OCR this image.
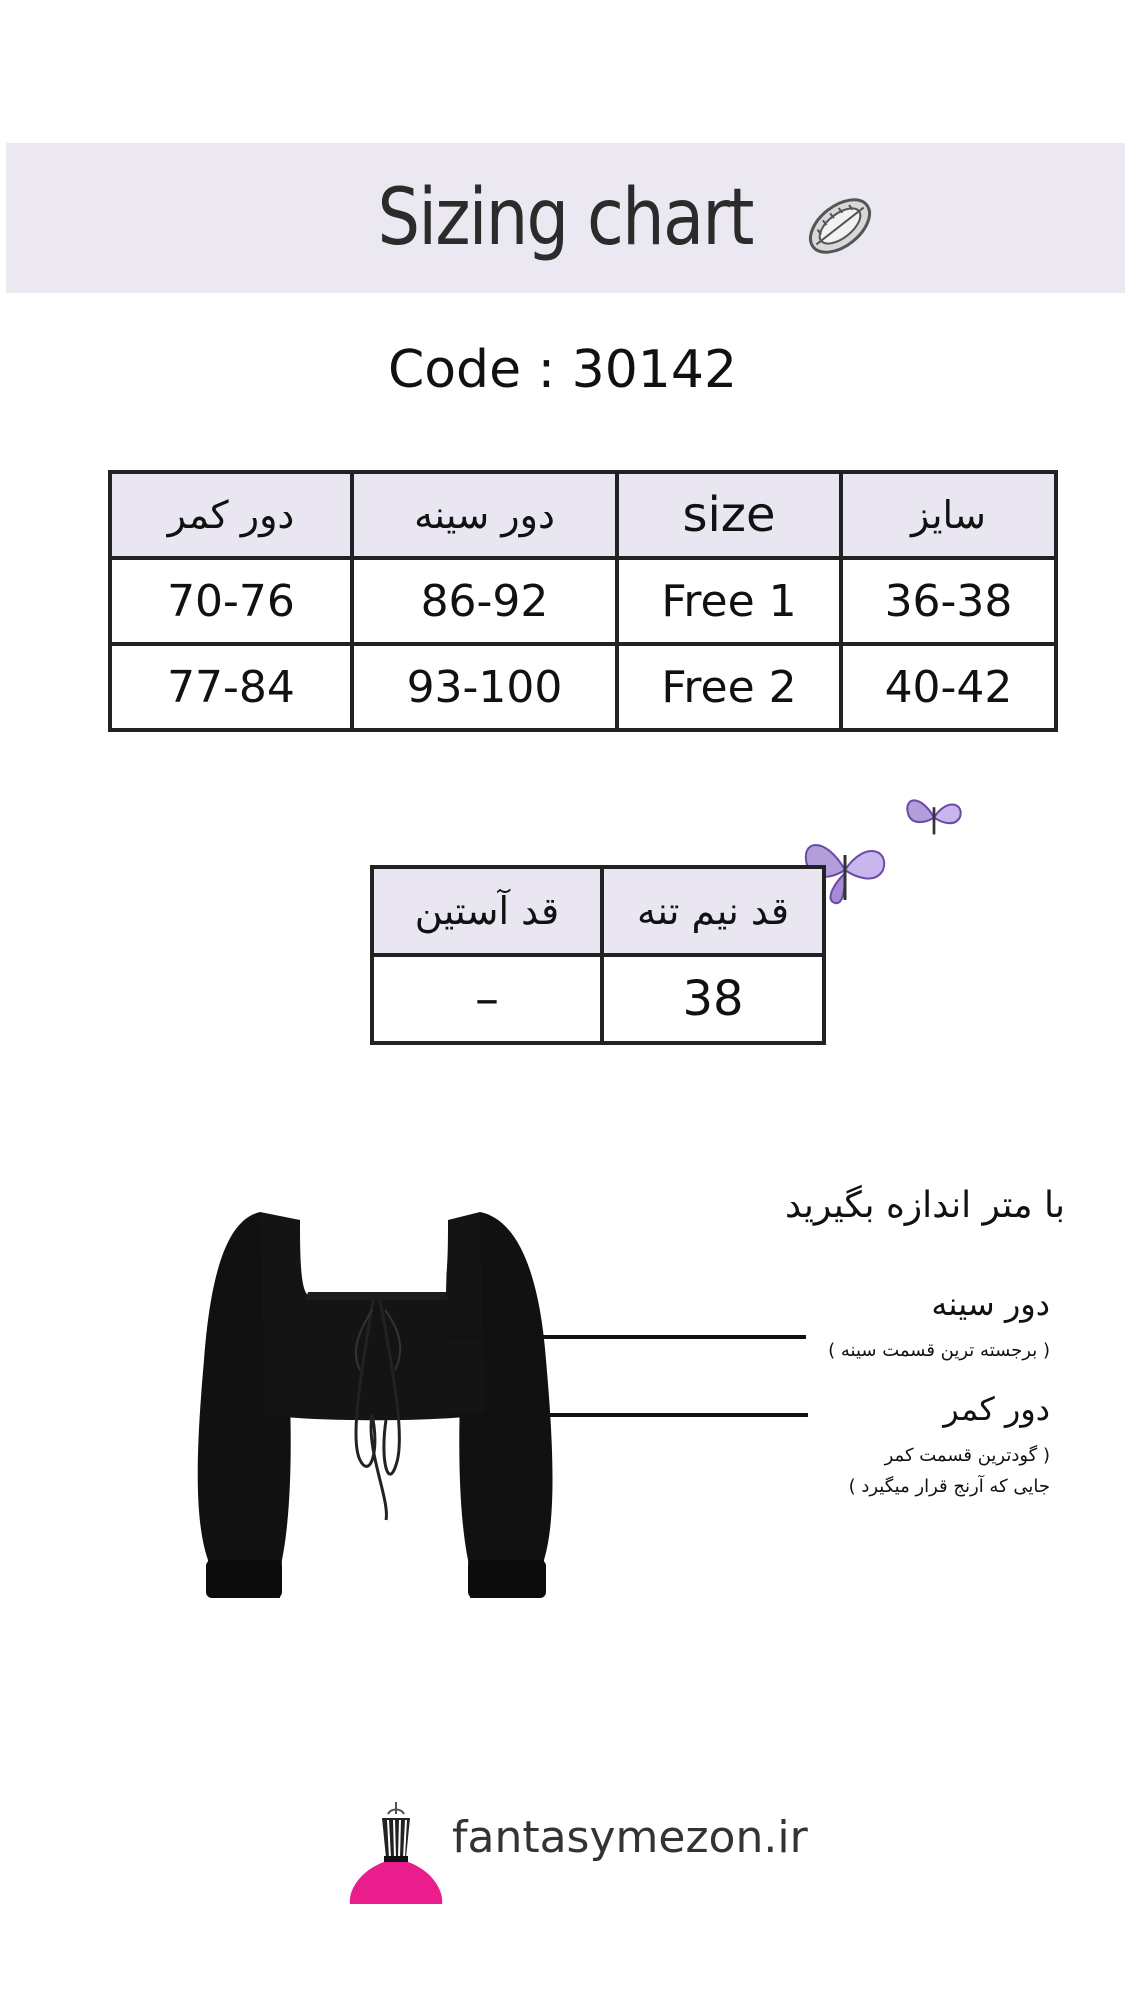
Sizing chart
Code : 30142
دور کمر	دور سینه	size	سایز
70-76	86-92	Free 1	36-38
77-84	93-100	Free 2	40-42
قد آستین	قد نیم تنه
–	38
با متر اندازه بگیرید
دور سینه
( برجسته ترین قسمت سینه )
دور کمر
( گودترین قسمت کمر
جایی که آرنج قرار میگیرد )
fantasymezon.ir
